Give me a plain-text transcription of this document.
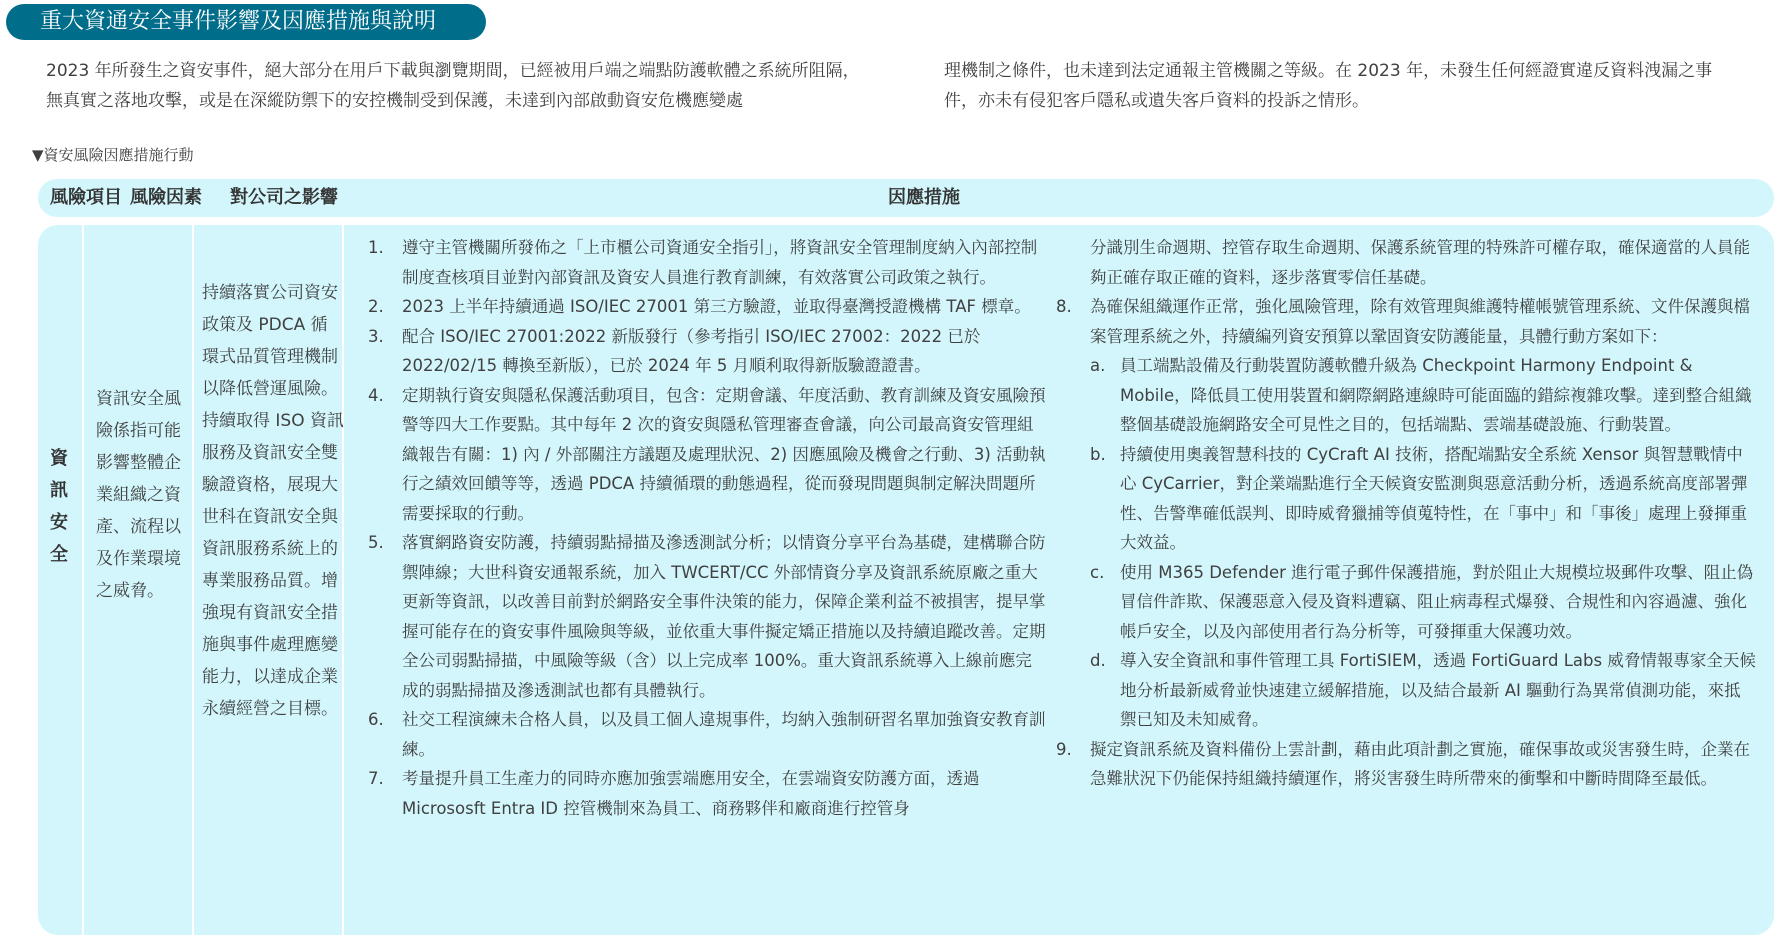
重大資通安全事件影響及因應措施與說明

2023 年所發生之資安事件，絕大部分在用戶下載與瀏覽期間，已經被用戶端之端點防護軟體之系統所阻隔，無真實之落地攻擊，或是在深縱防禦下的安控機制受到保護，未達到內部啟動資安危機應變處

理機制之條件，也未達到法定通報主管機關之等級。在 2023 年，未發生任何經證實違反資料洩漏之事件，亦未有侵犯客戶隱私或遺失客戶資料的投訴之情形。

▼資安風險因應措施行動
風險項目 風險因素 對公司之影響	因應措施
資
訊
安
全

資訊安全風險係指可能影響整體企業組織之資產、流程以及作業環境之威脅。

持續落實公司資安政策及 PDCA 循環式品質管理機制以降低營運風險。持續取得 ISO 資訊服務及資訊安全雙驗證資格，展現大世科在資訊安全與資訊服務系統上的專業服務品質。增強現有資訊安全措施與事件處理應變能力，以達成企業永續經營之目標。

1. 遵守主管機關所發佈之「上市櫃公司資通安全指引」，將資訊安全管理制度納入內部控制制度查核項目並對內部資訊及資安人員進行教育訓練，有效落實公司政策之執行。
2. 2023 上半年持續通過 ISO/IEC 27001 第三方驗證，並取得臺灣授證機構 TAF 標章。
3. 配合 ISO/IEC 27001:2022 新版發行（參考指引 ISO/IEC 27002：2022 已於 2022/02/15 轉換至新版），已於 2024 年 5 月順利取得新版驗證證書。
4. 定期執行資安與隱私保護活動項目，包含：定期會議、年度活動、教育訓練及資安風險預警等四大工作要點。其中每年 2 次的資安與隱私管理審查會議，向公司最高資安管理組織報告有關：1) 內 / 外部關注方議題及處理狀況、2) 因應風險及機會之行動、3) 活動執行之績效回饋等等，透過 PDCA 持續循環的動態過程，從而發現問題與制定解決問題所需要採取的行動。
5. 落實網路資安防護，持續弱點掃描及滲透測試分析；以情資分享平台為基礎，建構聯合防禦陣線；大世科資安通報系統，加入 TWCERT/CC 外部情資分享及資訊系統原廠之重大更新等資訊，以改善目前對於網路安全事件決策的能力，保障企業利益不被損害，提早掌握可能存在的資安事件風險與等級，並依重大事件擬定矯正措施以及持續追蹤改善。定期全公司弱點掃描，中風險等級（含）以上完成率 100%。重大資訊系統導入上線前應完成的弱點掃描及滲透測試也都有具體執行。
6. 社交工程演練未合格人員，以及員工個人違規事件，均納入強制研習名單加強資安教育訓練。
7. 考量提升員工生產力的同時亦應加強雲端應用安全，在雲端資安防護方面，透過 Micrososft Entra ID 控管機制來為員工、商務夥伴和廠商進行控管身

分識別生命週期、控管存取生命週期、保護系統管理的特殊許可權存取，確保適當的人員能夠正確存取正確的資料，逐步落實零信任基礎。

8. 為確保組織運作正常，強化風險管理，除有效管理與維護特權帳號管理系統、文件保護與檔案管理系統之外，持續編列資安預算以鞏固資安防護能量，具體行動方案如下：
a. 員工端點設備及行動裝置防護軟體升級為 Checkpoint Harmony Endpoint & Mobile，降低員工使用裝置和網際網路連線時可能面臨的錯綜複雜攻擊。達到整合組織整個基礎設施網路安全可見性之目的，包括端點、雲端基礎設施、行動裝置。
b. 持續使用奧義智慧科技的 CyCraft AI 技術，搭配端點安全系統 Xensor 與智慧戰情中心 CyCarrier，對企業端點進行全天候資安監測與惡意活動分析，透過系統高度部署彈性、告警準確低誤判、即時威脅獵捕等偵蒐特性，在「事中」和「事後」處理上發揮重大效益。
c. 使用 M365 Defender 進行電子郵件保護措施，對於阻止大規模垃圾郵件攻擊、阻止偽冒信件詐欺、保護惡意入侵及資料遭竊、阻止病毒程式爆發、合規性和內容過濾、強化帳戶安全，以及內部使用者行為分析等，可發揮重大保護功效。
d. 導入安全資訊和事件管理工具 FortiSIEM，透過 FortiGuard Labs 威脅情報專家全天候地分析最新威脅並快速建立緩解措施，以及結合最新 AI 驅動行為異常偵測功能，來抵禦已知及未知威脅。
9. 擬定資訊系統及資料備份上雲計劃，藉由此項計劃之實施，確保事故或災害發生時，企業在急難狀況下仍能保持組織持續運作，將災害發生時所帶來的衝擊和中斷時間降至最低。
